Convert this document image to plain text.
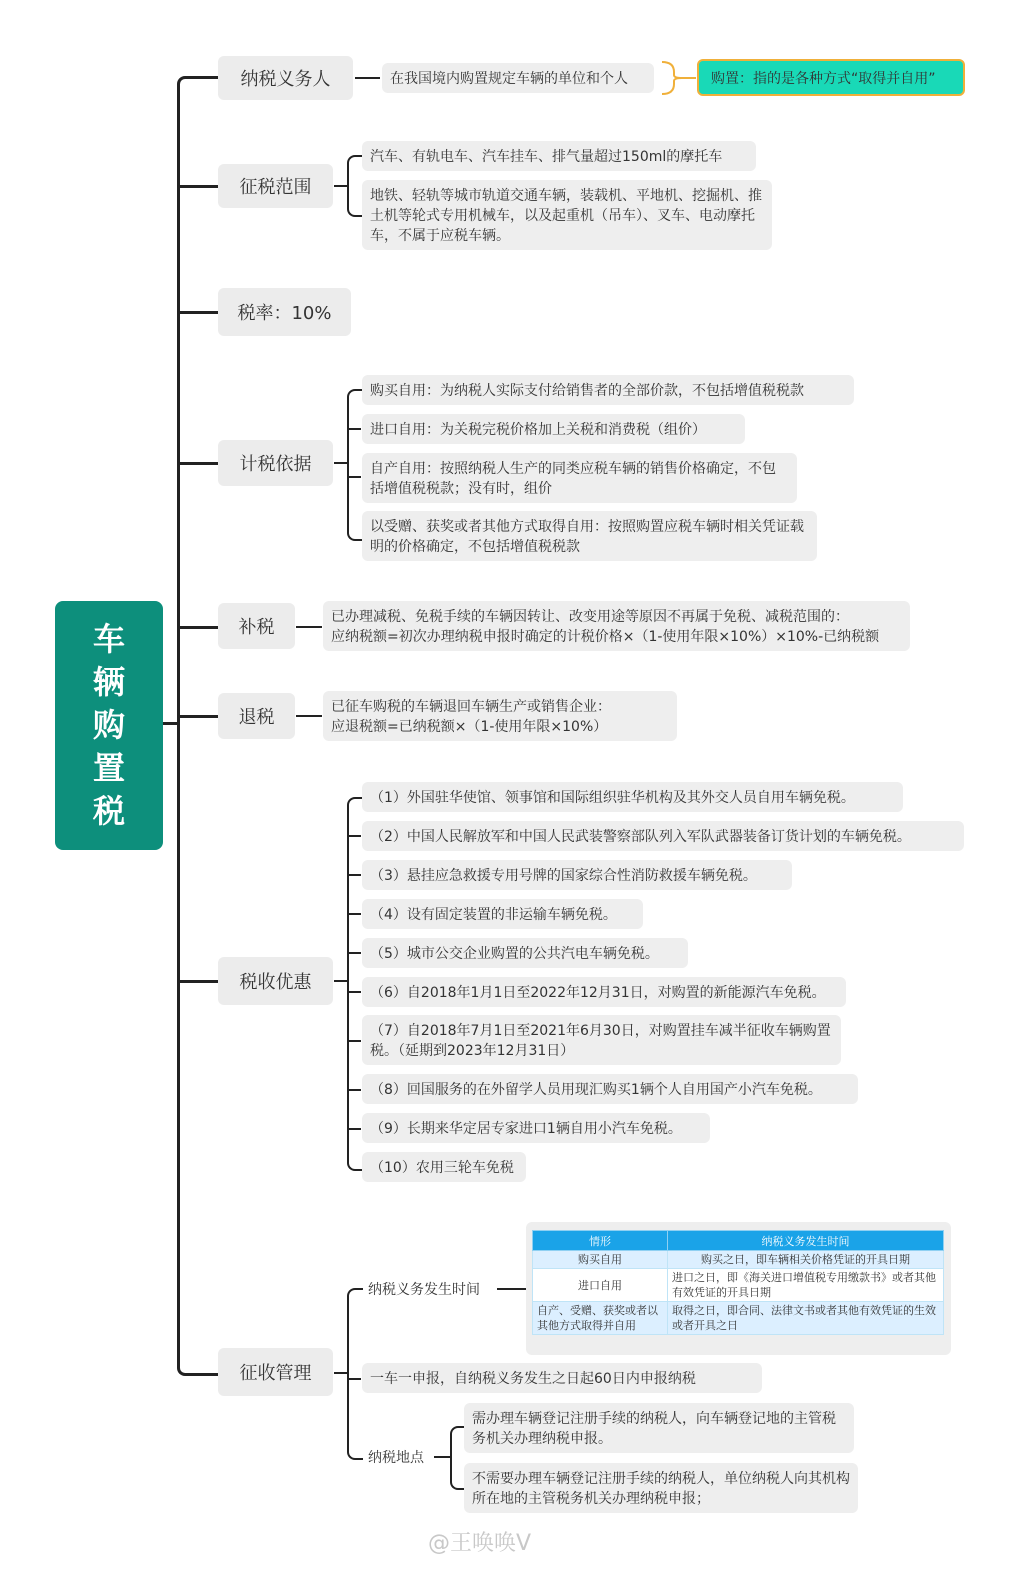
车
辆
购
置
税
纳税义务人	在我国境内购置规定车辆的单位和个人	购置：指的是各种方式“取得并自用”
征税范围
汽车、有轨电车、汽车挂车、排气量超过150ml的摩托车
地铁、轻轨等城市轨道交通车辆，装载机、平地机、挖掘机、推土机等轮式专用机械车，以及起重机（吊车）、叉车、电动摩托车，不属于应税车辆。
税率：10%
计税依据
购买自用：为纳税人实际支付给销售者的全部价款，不包括增值税税款
进口自用：为关税完税价格加上关税和消费税（组价）
自产自用：按照纳税人生产的同类应税车辆的销售价格确定，不包括增值税税款；没有时，组价
以受赠、获奖或者其他方式取得自用：按照购置应税车辆时相关凭证载明的价格确定，不包括增值税税款
补税	已办理减税、免税手续的车辆因转让、改变用途等原因不再属于免税、减税范围的：
应纳税额=初次办理纳税申报时确定的计税价格×（1-使用年限×10%）×10%-已纳税额
退税	已征车购税的车辆退回车辆生产或销售企业：
应退税额=已纳税额×（1-使用年限×10%）
税收优惠
（1）外国驻华使馆、领事馆和国际组织驻华机构及其外交人员自用车辆免税。
（2）中国人民解放军和中国人民武装警察部队列入军队武器装备订货计划的车辆免税。
（3）悬挂应急救援专用号牌的国家综合性消防救援车辆免税。
（4）设有固定装置的非运输车辆免税。
（5）城市公交企业购置的公共汽电车辆免税。
（6）自2018年1月1日至2022年12月31日，对购置的新能源汽车免税。
（7）自2018年7月1日至2021年6月30日，对购置挂车减半征收车辆购置税。（延期到2023年12月31日）
（8）回国服务的在外留学人员用现汇购买1辆个人自用国产小汽车免税。
（9）长期来华定居专家进口1辆自用小汽车免税。
（10）农用三轮车免税
征收管理
纳税义务发生时间
情形	纳税义务发生时间
购买自用	购买之日，即车辆相关价格凭证的开具日期
进口自用	进口之日，即《海关进口增值税专用缴款书》或者其他有效凭证的开具日期
自产、受赠、获奖或者以其他方式取得并自用	取得之日，即合同、法律文书或者其他有效凭证的生效或者开具之日
一车一申报，自纳税义务发生之日起60日内申报纳税
纳税地点
需办理车辆登记注册手续的纳税人，向车辆登记地的主管税务机关办理纳税申报。
不需要办理车辆登记注册手续的纳税人，单位纳税人向其机构所在地的主管税务机关办理纳税申报；
@王唤唤V
